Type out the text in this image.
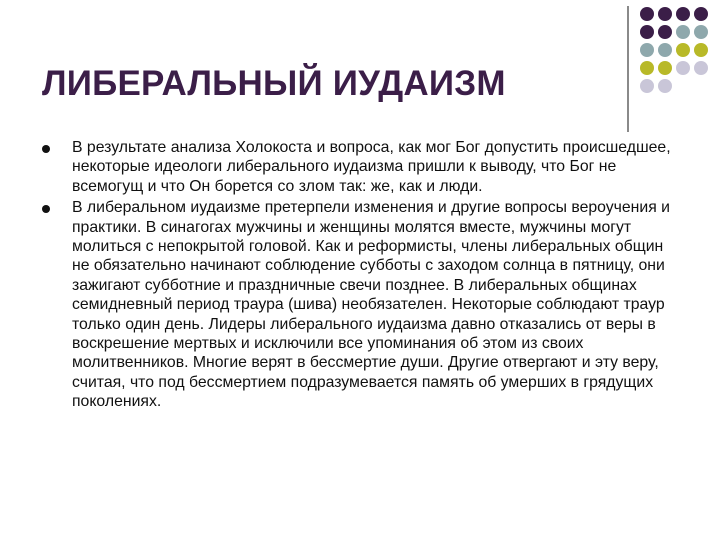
ЛИБЕРАЛЬНЫЙ ИУДАИЗМ
В результате анализа Холокоста и вопроса, как мог Бог допустить происшедшее, некоторые идеологи либерального иудаизма пришли к выводу, что Бог не всемогущ и что Он борется со злом так: же, как и люди.
В либеральном иудаизме претерпели изменения и другие вопросы вероучения и практики. В синагогах мужчины и женщины молятся вместе, мужчины могут молиться с непокрытой головой. Как и реформисты, члены либеральных общин не обязательно начинают соблюдение субботы с заходом солнца в пятницу, они зажигают субботние и праздничные свечи позднее. В либеральных общинах семидневный период траура (шива) необязателен. Некоторые соблюдают траур только один день. Лидеры либерального иудаизма давно отказались от веры в воскрешение мертвых и исключили все упоминания об этом из своих молитвенников. Многие верят в бессмертие души. Другие отвергают и эту веру, считая, что под бессмертием подразумевается память об умерших в грядущих поколениях.
